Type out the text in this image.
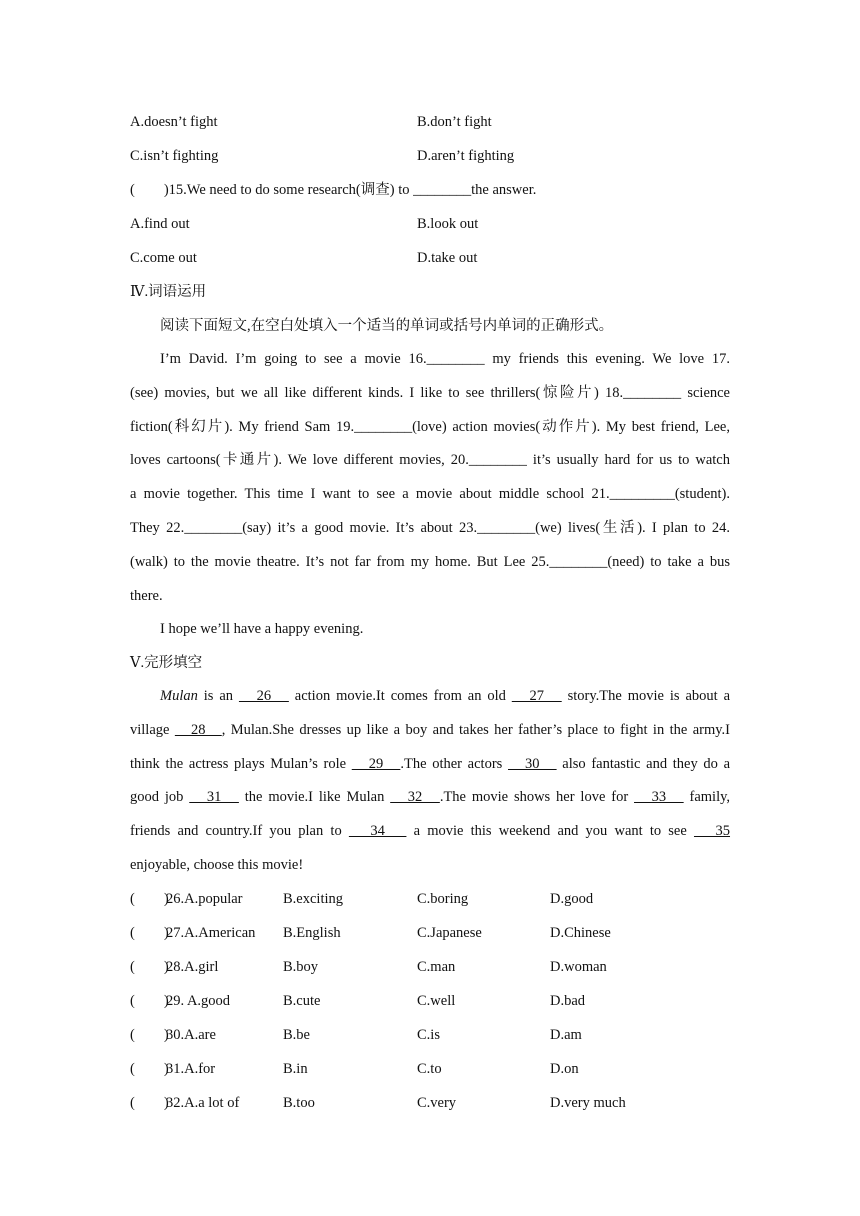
A.doesn’t fight	B.don’t fight
C.isn’t fighting	D.aren’t fighting
(        )15.We need to do some research(调查) to ________the answer.
A.find out	B.look out
C.come out	D.take out
Ⅳ.词语运用
阅读下面短文,在空白处填入一个适当的单词或括号内单词的正确形式。
I’m David. I’m going to see a movie 16.________ my friends this evening. We love 17.
(see) movies, but we all like different kinds. I like to see thrillers(惊险片) 18.________ science
fiction(科幻片). My friend Sam 19.________(love) action movies(动作片). My best friend, Lee,
loves cartoons(卡通片). We love different movies, 20.________ it’s usually hard for us to watch
a movie together. This time I want to see a movie about middle school 21._________(student).
They 22.________(say) it’s a good movie. It’s about 23.________(we) lives(生活). I plan to 24.
(walk) to the movie theatre. It’s not far from my home. But Lee 25.________(need) to take a bus
there.
I hope we’ll have a happy evening.
Ⅴ.完形填空
Mulan is an    26    action movie.It comes from an old    27    story.The movie is about a
village    28   , Mulan.She dresses up like a boy and takes her father’s place to fight in the army.I
think the actress plays Mulan’s role    29   .The other actors    30    also fantastic and they do a
good job    31    the movie.I like Mulan    32   .The movie shows her love for    33    family,
friends and country.If you plan to    34    a movie this weekend and you want to see    35
enjoyable, choose this movie!
(        )
26.A.popular	B.exciting	C.boring	D.good
(        )
27.A.American B.English	C.Japanese	D.Chinese
(        )
28.A.girl	B.boy	C.man	D.woman
(        )
29. A.good	B.cute	C.well	D.bad
(        )
30.A.are	B.be	C.is	D.am
(        )
31.A.for	B.in	C.to	D.on
(        )
32.A.a lot of	B.too	C.very	D.very much
